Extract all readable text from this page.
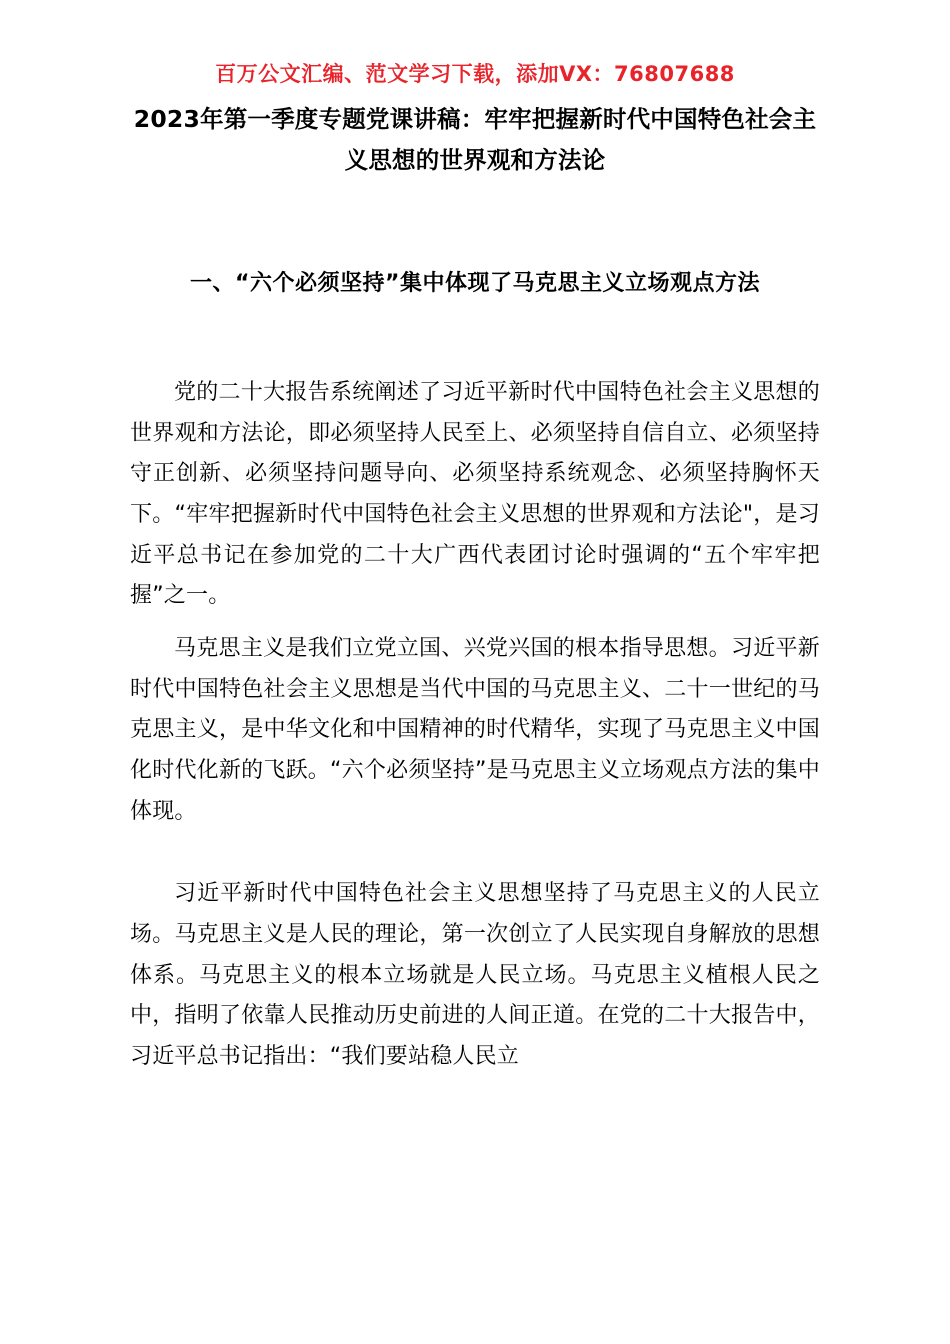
百万公文汇编、范文学习下载，添加VX：76807688
2023年第一季度专题党课讲稿：牢牢把握新时代中国特色社会主义思想的世界观和方法论
一、“六个必须坚持”集中体现了马克思主义立场观点方法

党的二十大报告系统阐述了习近平新时代中国特色社会主义思想的世界观和方法论，即必须坚持人民至上、必须坚持自信自立、必须坚持守正创新、必须坚持问题导向、必须坚持系统观念、必须坚持胸怀天下。“牢牢把握新时代中国特色社会主义思想的世界观和方法论"，是习近平总书记在参加党的二十大广西代表团讨论时强调的“五个牢牢把握”之一。

马克思主义是我们立党立国、兴党兴国的根本指导思想。习近平新时代中国特色社会主义思想是当代中国的马克思主义、二十一世纪的马克思主义，是中华文化和中国精神的时代精华，实现了马克思主义中国化时代化新的飞跃。“六个必须坚持”是马克思主义立场观点方法的集中体现。

习近平新时代中国特色社会主义思想坚持了马克思主义的人民立场。马克思主义是人民的理论，第一次创立了人民实现自身解放的思想体系。马克思主义的根本立场就是人民立场。马克思主义植根人民之中，指明了依靠人民推动历史前进的人间正道。在党的二十大报告中，习近平总书记指出：“我们要站稳人民立
